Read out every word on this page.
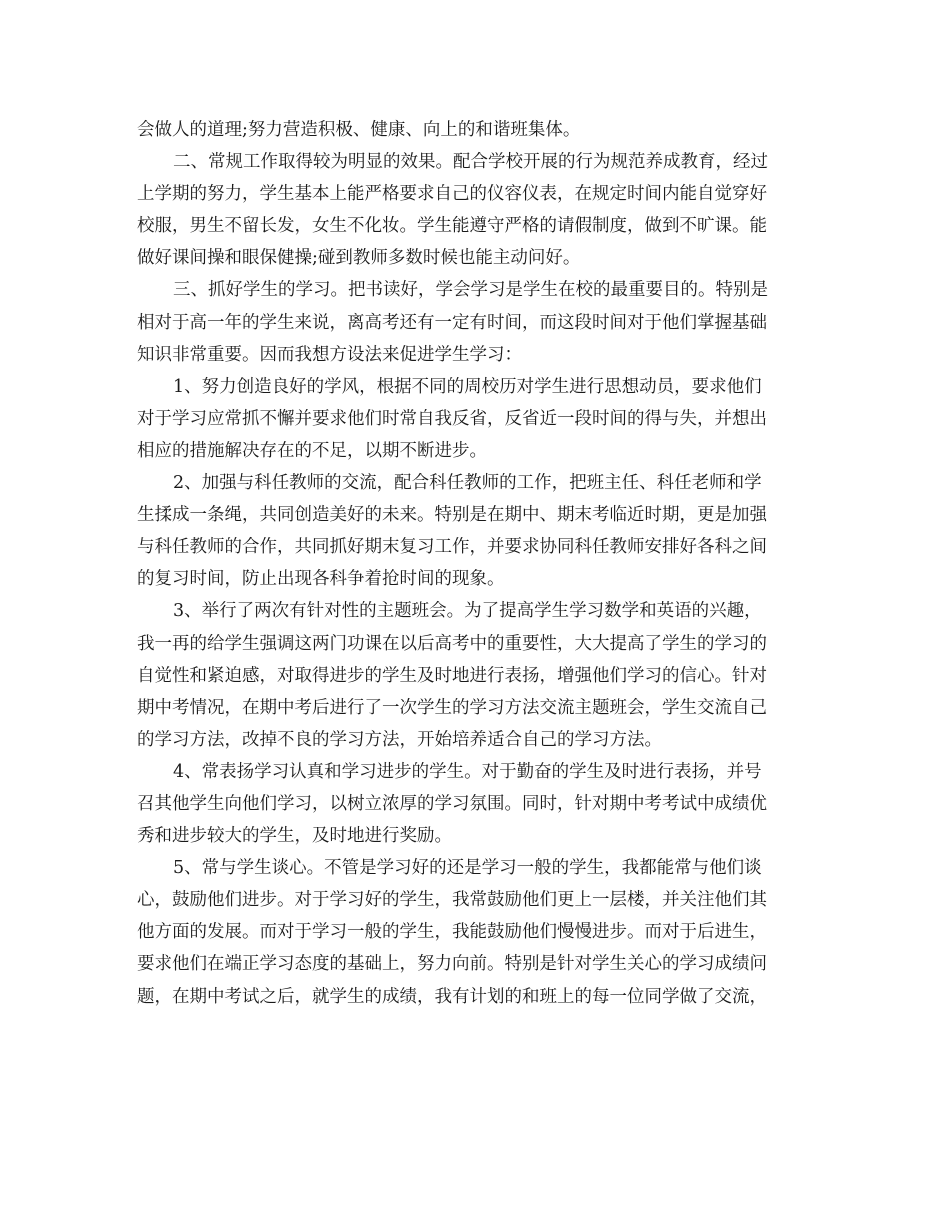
会做人的道理;努力营造积极、健康、向上的和谐班集体。
二、常规工作取得较为明显的效果。配合学校开展的行为规范养成教育，经过
上学期的努力，学生基本上能严格要求自己的仪容仪表，在规定时间内能自觉穿好
校服，男生不留长发，女生不化妆。学生能遵守严格的请假制度，做到不旷课。能
做好课间操和眼保健操;碰到教师多数时候也能主动问好。
三、抓好学生的学习。把书读好，学会学习是学生在校的最重要目的。特别是
相对于高一年的学生来说，离高考还有一定有时间，而这段时间对于他们掌握基础
知识非常重要。因而我想方设法来促进学生学习：
1、努力创造良好的学风，根据不同的周校历对学生进行思想动员，要求他们
对于学习应常抓不懈并要求他们时常自我反省，反省近一段时间的得与失，并想出
相应的措施解决存在的不足，以期不断进步。
2、加强与科任教师的交流，配合科任教师的工作，把班主任、科任老师和学
生揉成一条绳，共同创造美好的未来。特别是在期中、期末考临近时期，更是加强
与科任教师的合作，共同抓好期末复习工作，并要求协同科任教师安排好各科之间
的复习时间，防止出现各科争着抢时间的现象。
3、举行了两次有针对性的主题班会。为了提高学生学习数学和英语的兴趣，
我一再的给学生强调这两门功课在以后高考中的重要性，大大提高了学生的学习的
自觉性和紧迫感，对取得进步的学生及时地进行表扬，增强他们学习的信心。针对
期中考情况，在期中考后进行了一次学生的学习方法交流主题班会，学生交流自己
的学习方法，改掉不良的学习方法，开始培养适合自己的学习方法。
4、常表扬学习认真和学习进步的学生。对于勤奋的学生及时进行表扬，并号
召其他学生向他们学习，以树立浓厚的学习氛围。同时，针对期中考考试中成绩优
秀和进步较大的学生，及时地进行奖励。
5、常与学生谈心。不管是学习好的还是学习一般的学生，我都能常与他们谈
心，鼓励他们进步。对于学习好的学生，我常鼓励他们更上一层楼，并关注他们其
他方面的发展。而对于学习一般的学生，我能鼓励他们慢慢进步。而对于后进生，
要求他们在端正学习态度的基础上，努力向前。特别是针对学生关心的学习成绩问
题，在期中考试之后，就学生的成绩，我有计划的和班上的每一位同学做了交流，
